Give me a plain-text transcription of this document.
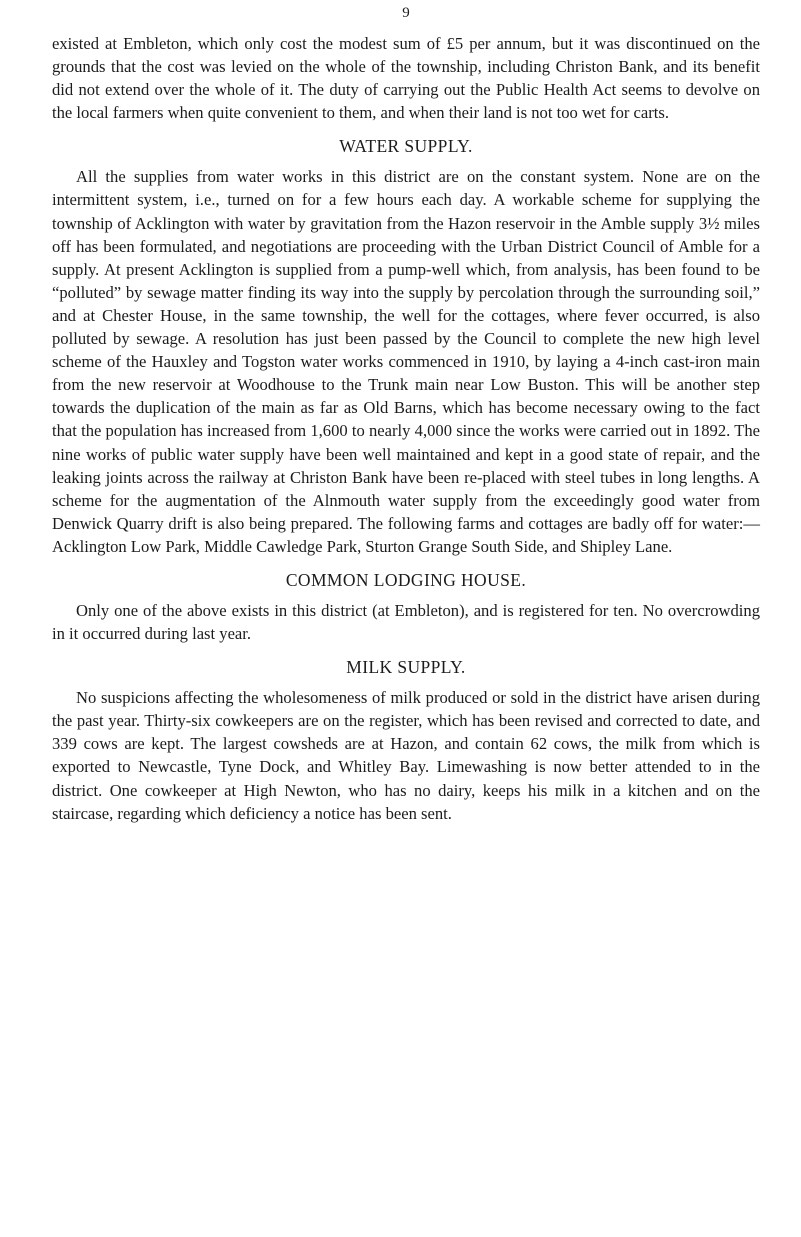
9

existed at Embleton, which only cost the modest sum of £5 per annum, but it was discontinued on the grounds that the cost was levied on the whole of the township, including Christon Bank, and its benefit did not extend over the whole of it. The duty of carrying out the Public Health Act seems to devolve on the local farmers when quite convenient to them, and when their land is not too wet for carts.

WATER SUPPLY.

All the supplies from water works in this district are on the constant system. None are on the intermittent system, i.e., turned on for a few hours each day. A workable scheme for supplying the township of Acklington with water by gravitation from the Hazon reservoir in the Amble supply 3½ miles off has been formulated, and negotiations are proceeding with the Urban District Council of Amble for a supply. At present Acklington is supplied from a pump-well which, from analysis, has been found to be “polluted” by sewage matter finding its way into the supply by percolation through the surrounding soil,” and at Chester House, in the same township, the well for the cottages, where fever occurred, is also polluted by sewage. A resolution has just been passed by the Council to complete the new high level scheme of the Hauxley and Togston water works commenced in 1910, by laying a 4-inch cast-iron main from the new reservoir at Woodhouse to the Trunk main near Low Buston. This will be another step towards the duplication of the main as far as Old Barns, which has become necessary owing to the fact that the population has increased from 1,600 to nearly 4,000 since the works were carried out in 1892. The nine works of public water supply have been well maintained and kept in a good state of repair, and the leaking joints across the railway at Christon Bank have been re-placed with steel tubes in long lengths. A scheme for the augmentation of the Alnmouth water supply from the exceedingly good water from Denwick Quarry drift is also being prepared. The following farms and cottages are badly off for water:—Acklington Low Park, Middle Cawledge Park, Sturton Grange South Side, and Shipley Lane.

COMMON LODGING HOUSE.

Only one of the above exists in this district (at Embleton), and is registered for ten. No overcrowding in it occurred during last year.

MILK SUPPLY.

No suspicions affecting the wholesomeness of milk produced or sold in the district have arisen during the past year. Thirty-six cowkeepers are on the register, which has been revised and corrected to date, and 339 cows are kept. The largest cowsheds are at Hazon, and contain 62 cows, the milk from which is exported to Newcastle, Tyne Dock, and Whitley Bay. Limewashing is now better attended to in the district. One cowkeeper at High Newton, who has no dairy, keeps his milk in a kitchen and on the staircase, regarding which deficiency a notice has been sent.
